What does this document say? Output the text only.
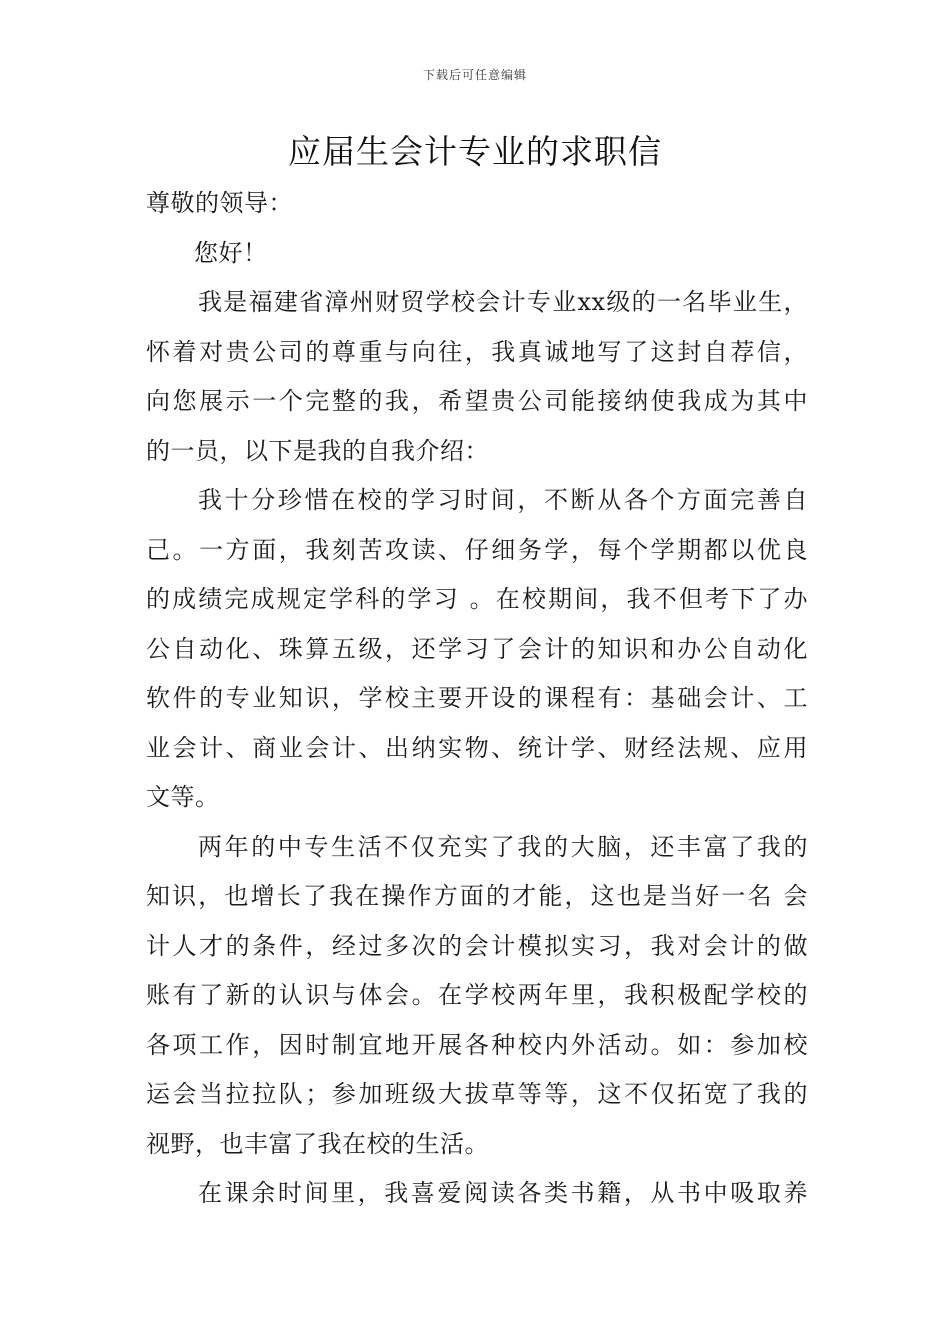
下载后可任意编辑
应届生会计专业的求职信
尊敬的领导：
您好！
我是福建省漳州财贸学校会计专业xx级的一名毕业生，
怀着对贵公司的尊重与向往，我真诚地写了这封自荐信，
向您展示一个完整的我，希望贵公司能接纳使我成为其中
的一员，以下是我的自我介绍：
我十分珍惜在校的学习时间，不断从各个方面完善自
己。一方面，我刻苦攻读、仔细务学，每个学期都以优良
的成绩完成规定学科的学习 。在校期间，我不但考下了办
公自动化、珠算五级，还学习了会计的知识和办公自动化
软件的专业知识，学校主要开设的课程有：基础会计、工
业会计、商业会计、出纳实物、统计学、财经法规、应用
文等。
两年的中专生活不仅充实了我的大脑，还丰富了我的
知识，也增长了我在操作方面的才能，这也是当好一名 会
计人才的条件，经过多次的会计模拟实习，我对会计的做
账有了新的认识与体会。在学校两年里，我积极配学校的
各项工作，因时制宜地开展各种校内外活动。如：参加校
运会当拉拉队；参加班级大拔草等等，这不仅拓宽了我的
视野，也丰富了我在校的生活。
在课余时间里，我喜爱阅读各类书籍，从书中吸取养
